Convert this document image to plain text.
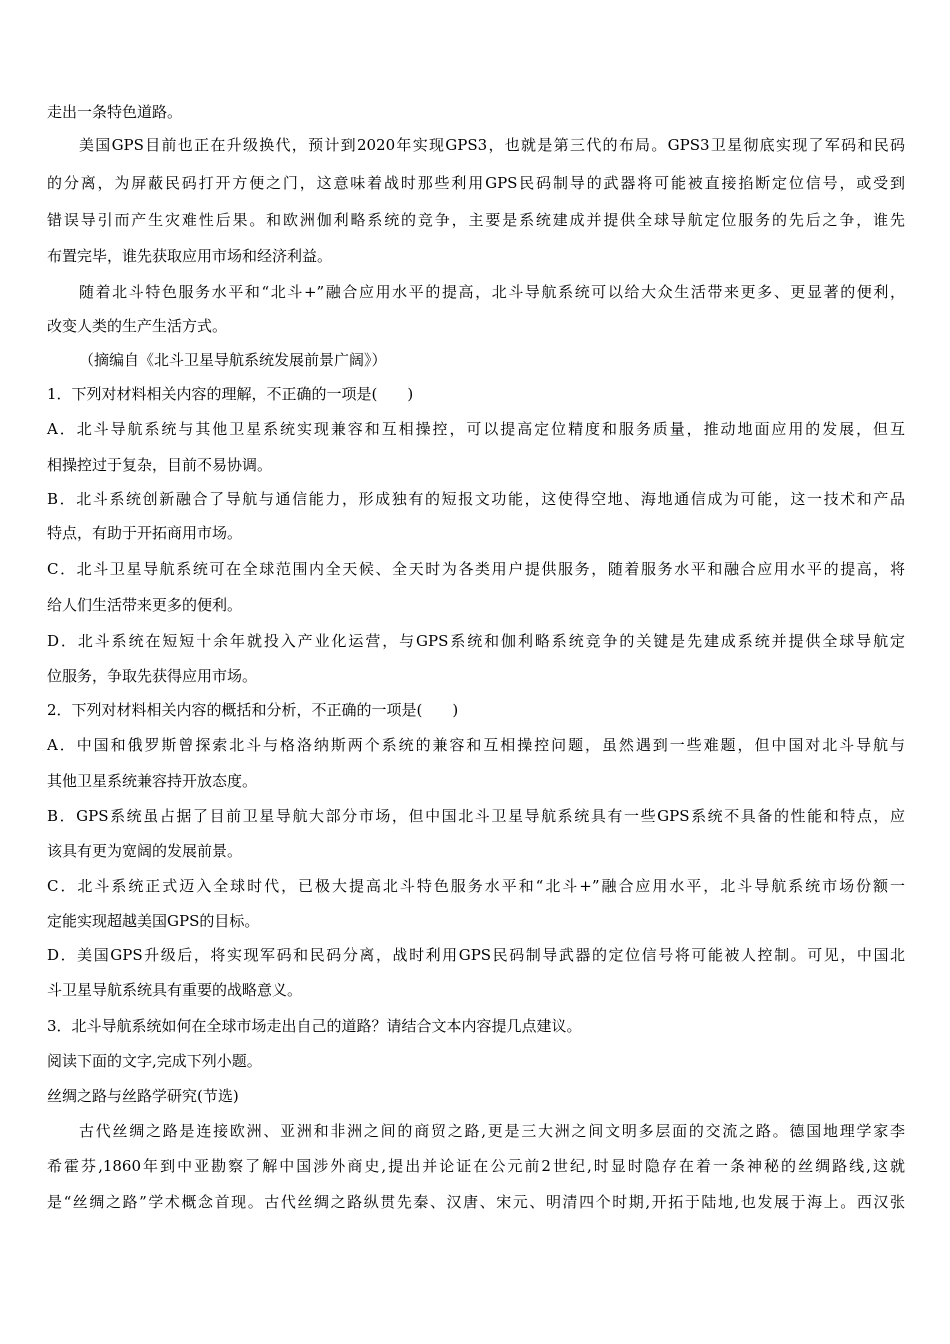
走出一条特色道路。
美国GPS目前也正在升级换代，预计到2020年实现GPS3，也就是第三代的布局。GPS3卫星彻底实现了军码和民码
的分离，为屏蔽民码打开方便之门，这意味着战时那些利用GPS民码制导的武器将可能被直接掐断定位信号，或受到
错误导引而产生灾难性后果。和欧洲伽利略系统的竞争，主要是系统建成并提供全球导航定位服务的先后之争，谁先
布置完毕，谁先获取应用市场和经济利益。
随着北斗特色服务水平和“北斗+”融合应用水平的提高，北斗导航系统可以给大众生活带来更多、更显著的便利，
改变人类的生产生活方式。
（摘编自《北斗卫星导航系统发展前景广阔》）
1．下列对材料相关内容的理解，不正确的一项是(　　)
A．北斗导航系统与其他卫星系统实现兼容和互相操控，可以提高定位精度和服务质量，推动地面应用的发展，但互
相操控过于复杂，目前不易协调。
B．北斗系统创新融合了导航与通信能力，形成独有的短报文功能，这使得空地、海地通信成为可能，这一技术和产品
特点，有助于开拓商用市场。
C．北斗卫星导航系统可在全球范围内全天候、全天时为各类用户提供服务，随着服务水平和融合应用水平的提高，将
给人们生活带来更多的便利。
D．北斗系统在短短十余年就投入产业化运营，与GPS系统和伽利略系统竞争的关键是先建成系统并提供全球导航定
位服务，争取先获得应用市场。
2．下列对材料相关内容的概括和分析，不正确的一项是(　　)
A．中国和俄罗斯曾探索北斗与格洛纳斯两个系统的兼容和互相操控问题，虽然遇到一些难题，但中国对北斗导航与
其他卫星系统兼容持开放态度。
B．GPS系统虽占据了目前卫星导航大部分市场，但中国北斗卫星导航系统具有一些GPS系统不具备的性能和特点，应
该具有更为宽阔的发展前景。
C．北斗系统正式迈入全球时代，已极大提高北斗特色服务水平和“北斗+”融合应用水平，北斗导航系统市场份额一
定能实现超越美国GPS的目标。
D．美国GPS升级后，将实现军码和民码分离，战时利用GPS民码制导武器的定位信号将可能被人控制。可见，中国北
斗卫星导航系统具有重要的战略意义。
3．北斗导航系统如何在全球市场走出自己的道路？请结合文本内容提几点建议。
阅读下面的文字,完成下列小题。
丝绸之路与丝路学研究(节选)
古代丝绸之路是连接欧洲、亚洲和非洲之间的商贸之路,更是三大洲之间文明多层面的交流之路。德国地理学家李
希霍芬,1860年到中亚勘察了解中国涉外商史,提出并论证在公元前2世纪,时显时隐存在着一条神秘的丝绸路线,这就
是“丝绸之路”学术概念首现。古代丝绸之路纵贯先秦、汉唐、宋元、明清四个时期,开拓于陆地,也发展于海上。西汉张
